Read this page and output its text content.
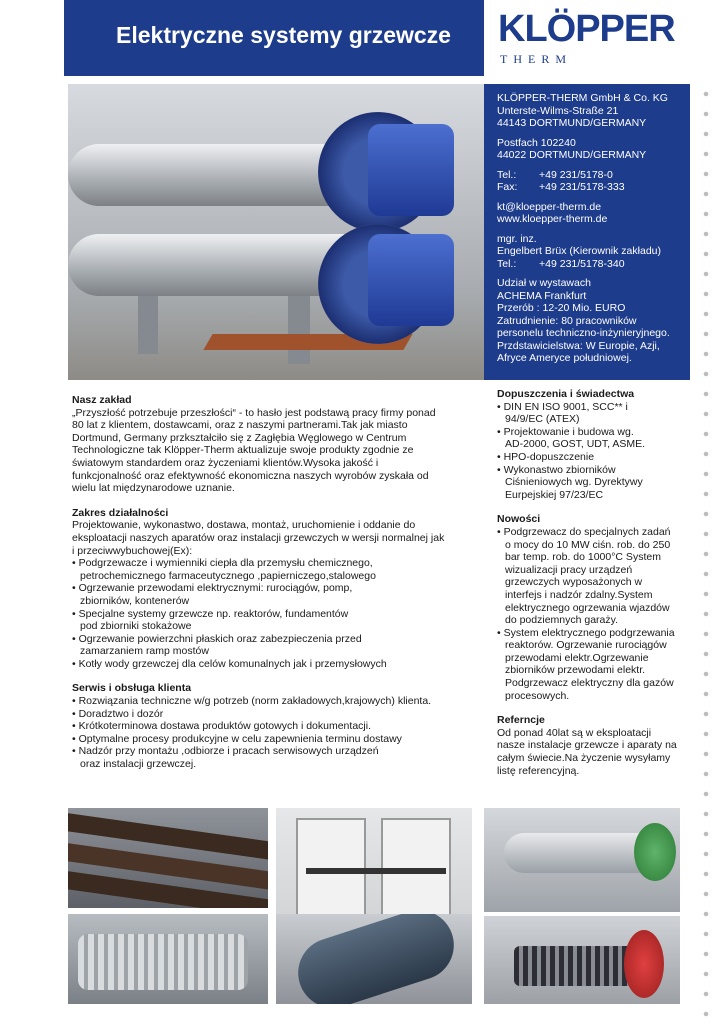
Elektryczne systemy grzewcze KLÖPPER
THERM

KLÖPPER-THERM GmbH & Co. KG

Unterste-Wilms-Straße 21

44143 DORTMUND/GERMANY

Postfach 102240

44022 DORTMUND/GERMANY

Tel.: +49 231/5178-0

Fax: +49 231/5178-333

kt@kloepper-therm.de

www.kloepper-therm.de

mgr. inz.

Engelbert Brüx (Kierownik zakładu)

Tel.: +49 231/5178-340

Udział w wystawach

ACHEMA Frankfurt

Przerób : 12-20 Mio. EURO

Zatrudnienie: 80 pracowników

personelu techniczno-inżynieryjnego.

Przdstawicielstwa: W Europie, Azji,

Afryce Ameryce południowej.

Nasz zakład
„Przyszłość potrzebuje przeszłości“ - to hasło jest podstawą pracy firmy ponad
80 lat z klientem, dostawcami, oraz z naszymi partnerami.Tak jak miasto
Dortmund, Germany przkształciło się z Zagłębia Węglowego w Centrum
Technologiczne tak Klöpper-Therm aktualizuje swoje produkty zgodnie ze
światowym standardem oraz życzeniami klientów.Wysoka jakość i
funkcjonalność oraz efektywność ekonomiczna naszych wyrobów zyskała od
wielu lat międzynarodowe uznanie.
Zakres działalności
Projektowanie, wykonastwo, dostawa, montaż, uruchomienie i oddanie do
eksploatacji naszych aparatów oraz instalacji grzewczych w wersji normalnej jak
i przeciwwybuchowej(Ex):
• Podgrzewacze i wymienniki ciepła dla przemysłu chemicznego,
petrochemicznego farmaceutycznego ,papierniczego,stalowego
• Ogrzewanie przewodami elektrycznymi: rurociągów, pomp,
zbiorników, kontenerów
• Specjalne systemy grzewcze np. reaktorów, fundamentów
pod zbiorniki stokażowe
• Ogrzewanie powierzchni płaskich oraz zabezpieczenia przed
zamarzaniem ramp mostów
• Kotły wody grzewczej dla celów komunalnych jak i przemysłowych
Serwis i obsługa klienta
• Rozwiązania techniczne w/g potrzeb (norm zakładowych,krajowych) klienta.
• Doradztwo i dozór
• Krótkoterminowa dostawa produktów gotowych i dokumentacji.
• Optymalne procesy produkcyjne w celu zapewnienia terminu dostawy
• Nadzór przy montażu ,odbiorze i pracach serwisowych urządzeń
oraz instalacji grzewczej.
Dopuszczenia i świadectwa
• DIN EN ISO 9001, SCC** i
94/9/EC (ATEX)
• Projektowanie i budowa wg.
AD-2000, GOST, UDT, ASME.
• HPO-dopuszczenie
• Wykonastwo zbiorników
Ciśnieniowych wg. Dyrektywy
Eurpejskiej 97/23/EC
Nowości
• Podgrzewacz do specjalnych zadań
o mocy do 10 MW ciśn. rob. do 250
bar temp. rob. do 1000°C System
wizualizacji pracy urządzeń
grzewczych wyposażonych w
interfejs i nadzór zdalny.System
elektrycznego ogrzewania wjazdów
do podziemnych garaży.
• System elektrycznego podgrzewania
reaktorów. Ogrzewanie rurociągów
przewodami elektr.Ogrzewanie
zbiorników przewodami elektr.
Podgrzewacz elektryczny dla gazów
procesowych.
Referncje
Od ponad 40lat są w eksploatacji
nasze instalacje grzewcze i aparaty na
całym świecie.Na życzenie wysyłamy
listę referencyjną.
